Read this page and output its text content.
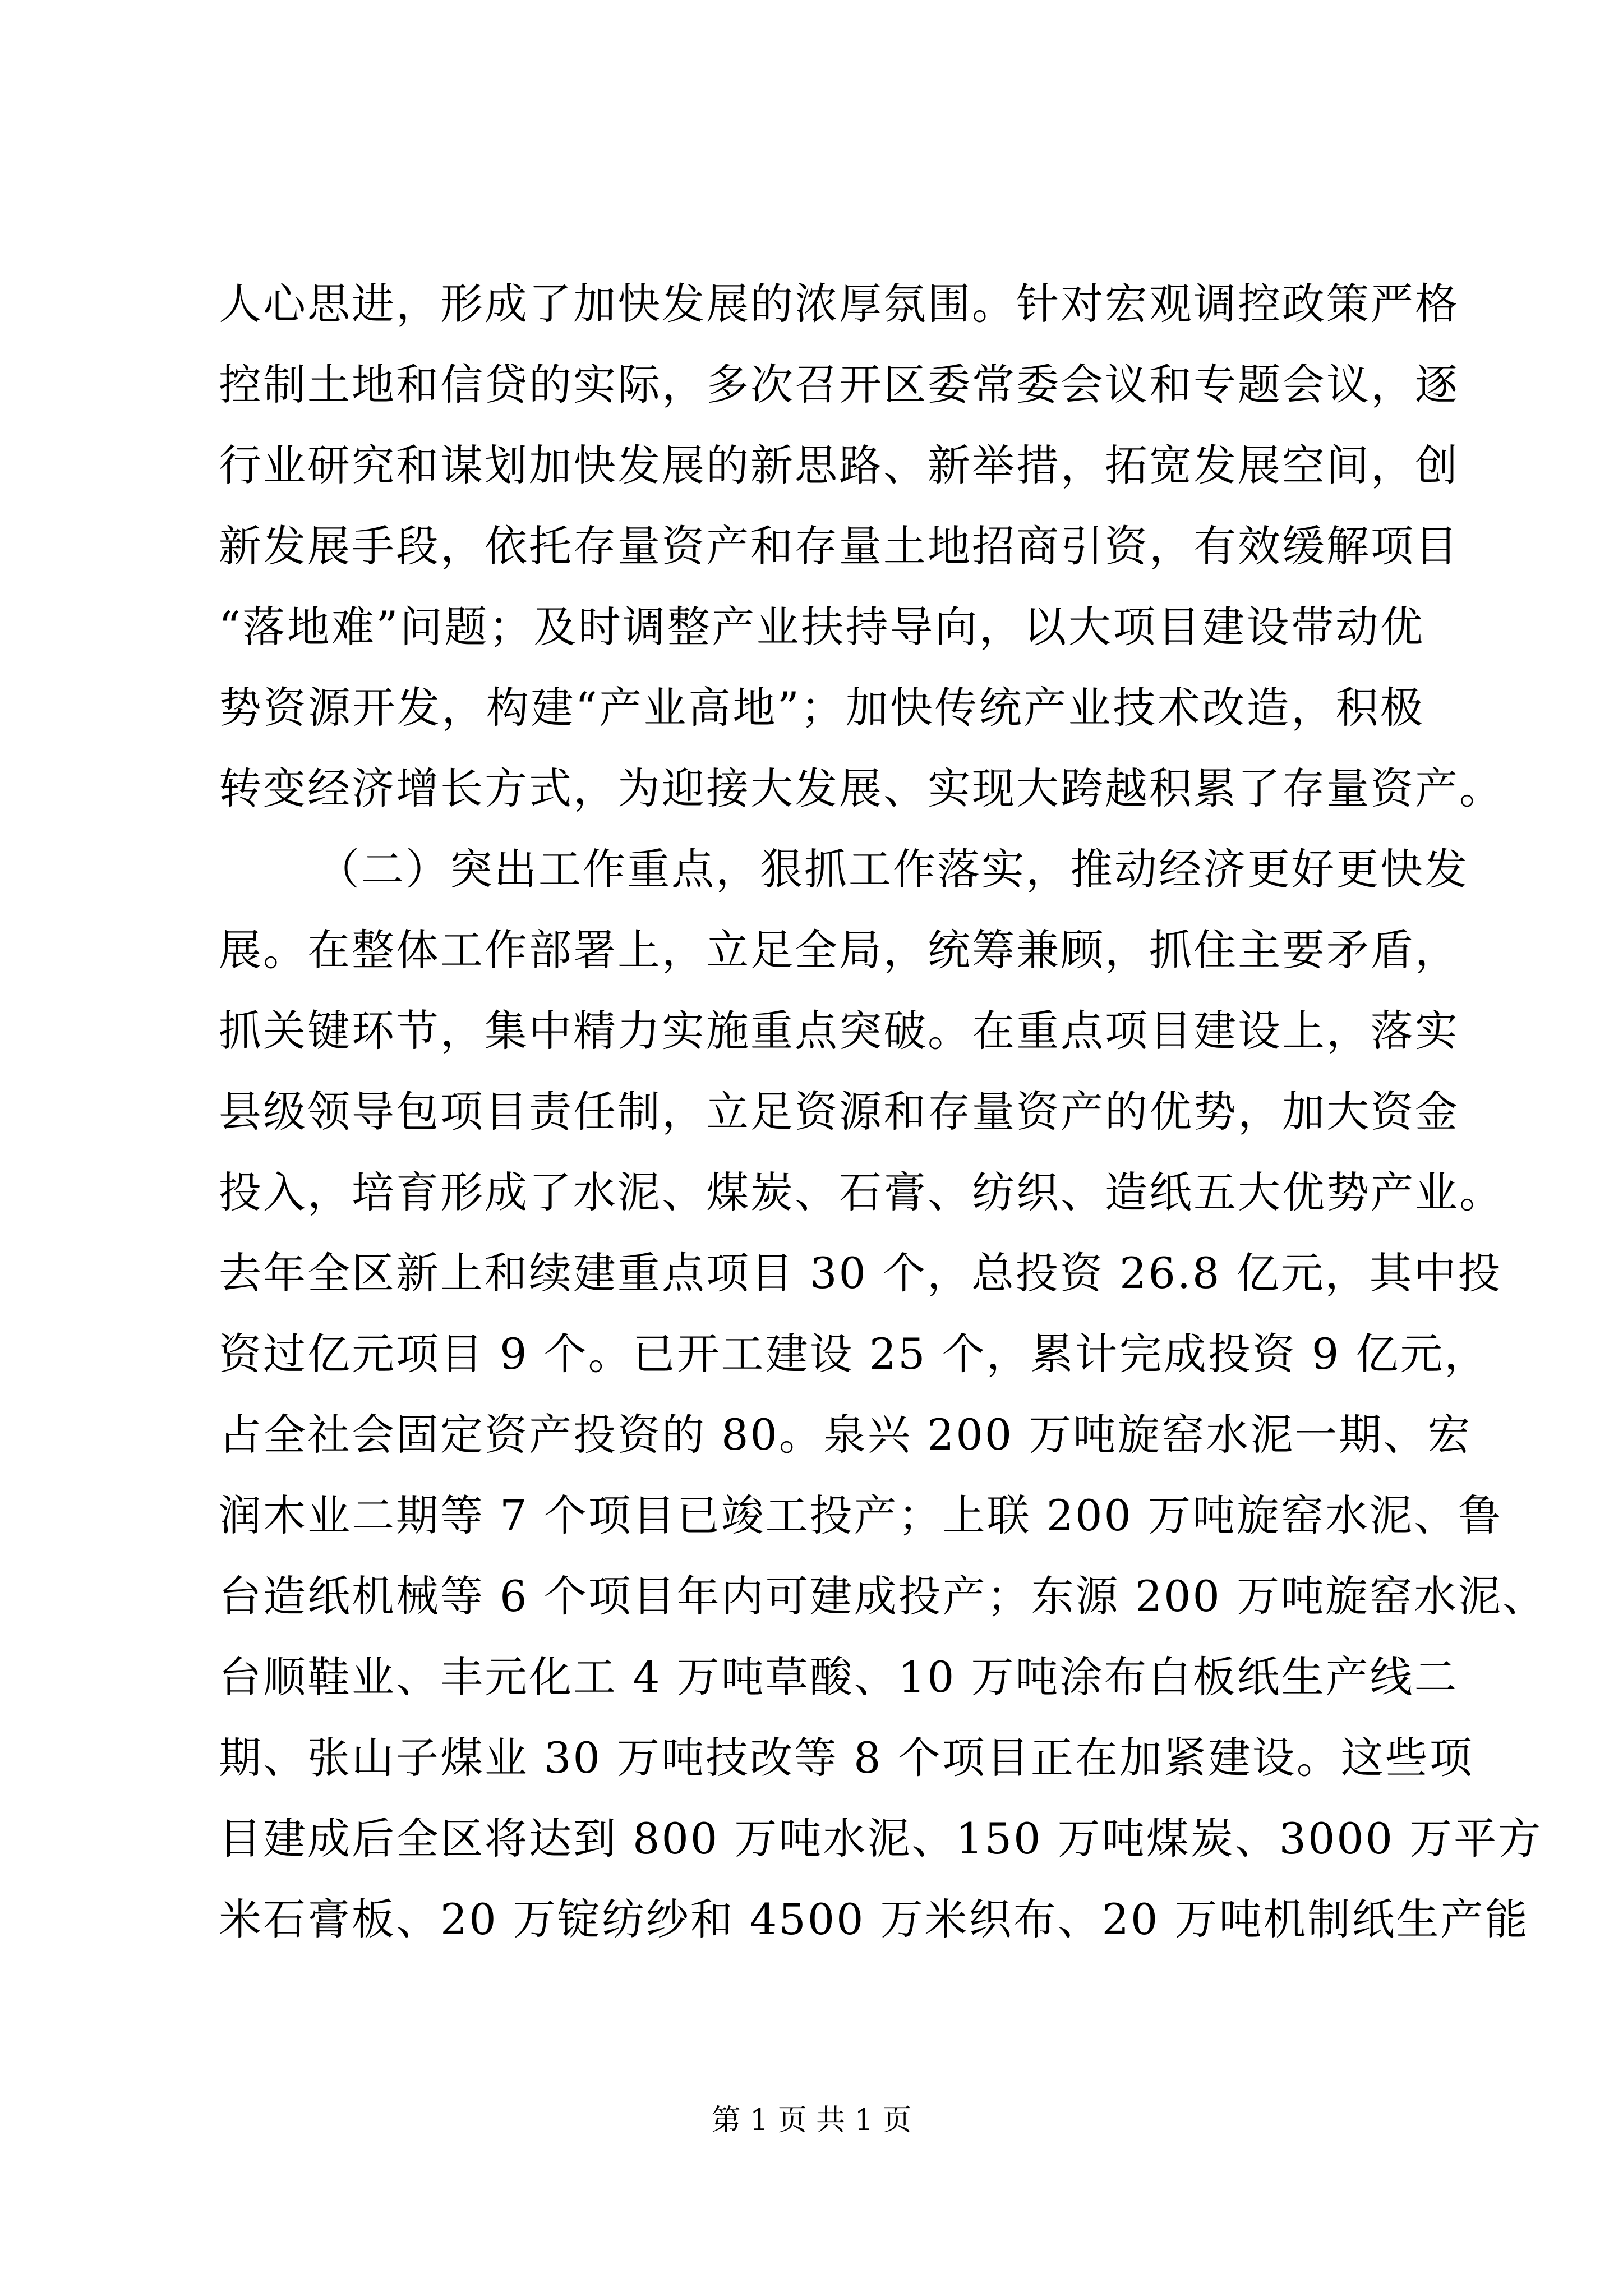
人心思进，形成了加快发展的浓厚氛围。针对宏观调控政策严格
控制土地和信贷的实际，多次召开区委常委会议和专题会议，逐
行业研究和谋划加快发展的新思路、新举措，拓宽发展空间，创
新发展手段，依托存量资产和存量土地招商引资，有效缓解项目
“落地难”问题；及时调整产业扶持导向，以大项目建设带动优
势资源开发，构建“产业高地”；加快传统产业技术改造，积极
转变经济增长方式，为迎接大发展、实现大跨越积累了存量资产。
（二）突出工作重点，狠抓工作落实，推动经济更好更快发
展。在整体工作部署上，立足全局，统筹兼顾，抓住主要矛盾，
抓关键环节，集中精力实施重点突破。在重点项目建设上，落实
县级领导包项目责任制，立足资源和存量资产的优势，加大资金
投入，培育形成了水泥、煤炭、石膏、纺织、造纸五大优势产业。
去年全区新上和续建重点项目 30 个，总投资 26.8 亿元，其中投
资过亿元项目 9 个。已开工建设 25 个，累计完成投资 9 亿元，
占全社会固定资产投资的 80。泉兴 200 万吨旋窑水泥一期、宏
润木业二期等 7 个项目已竣工投产；上联 200 万吨旋窑水泥、鲁
台造纸机械等 6 个项目年内可建成投产；东源 200 万吨旋窑水泥、
台顺鞋业、丰元化工 4 万吨草酸、10 万吨涂布白板纸生产线二
期、张山子煤业 30 万吨技改等 8 个项目正在加紧建设。这些项
目建成后全区将达到 800 万吨水泥、150 万吨煤炭、3000 万平方
米石膏板、20 万锭纺纱和 4500 万米织布、20 万吨机制纸生产能
第 1 页 共 1 页
